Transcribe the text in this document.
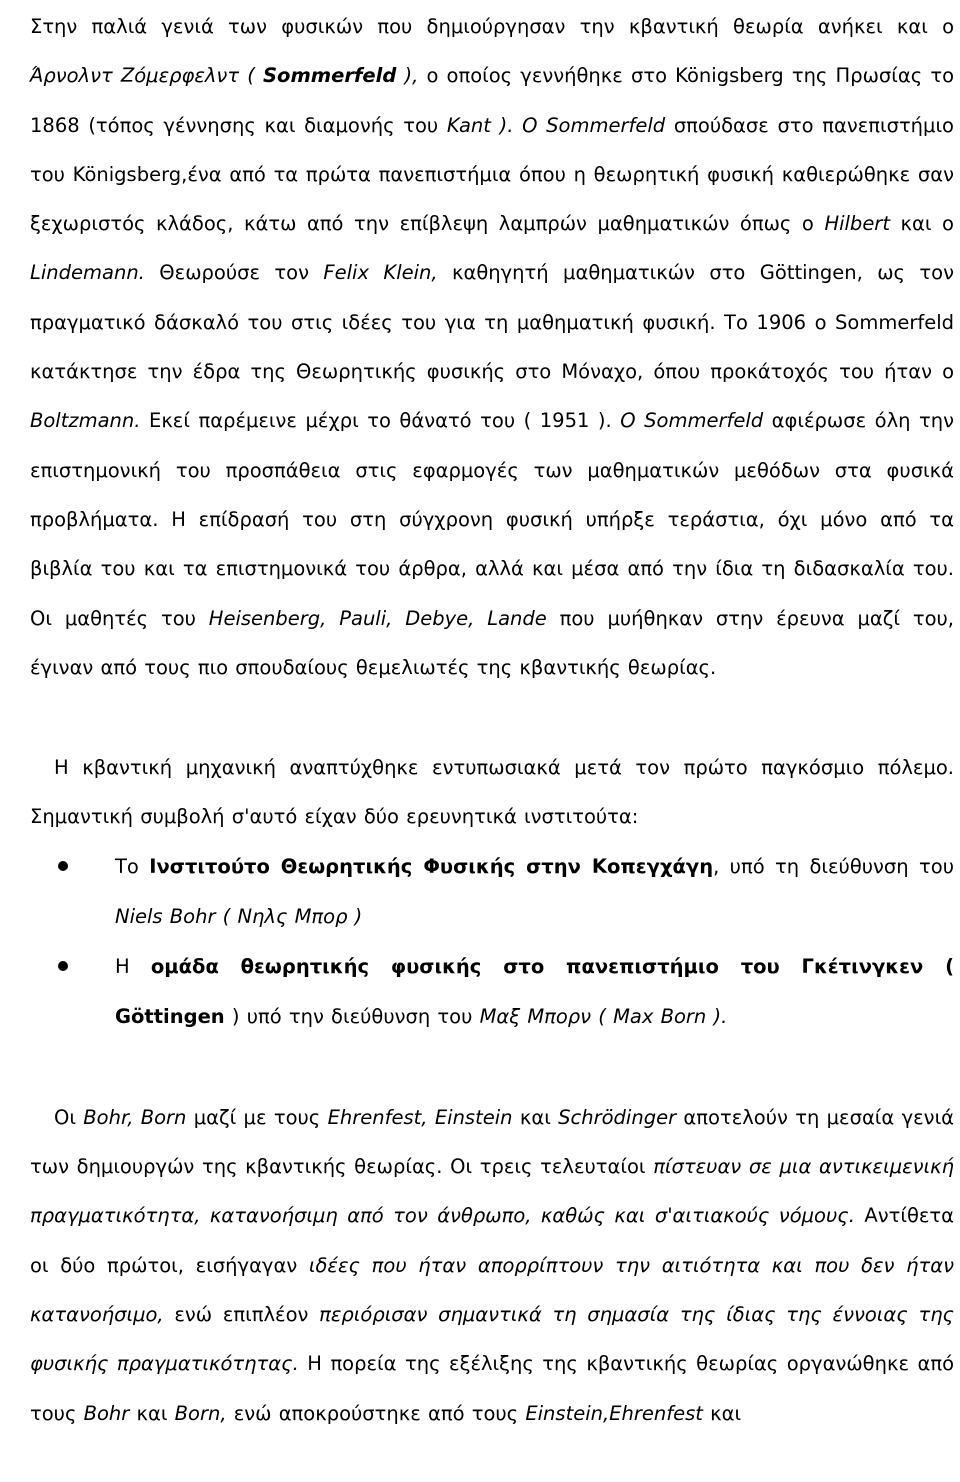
Στην παλιά γενιά των φυσικών που δημιούργησαν την κβαντική θεωρία ανήκει και ο Άρνολντ Ζόμερφελντ ( Sommerfeld ), ο οποίος γεννήθηκε στο Königsberg της Πρωσίας το 1868 (τόπος γέννησης και διαμονής του Kant ). Ο Sommerfeld σπούδασε στο πανεπιστήμιο του Königsberg,ένα από τα πρώτα πανεπιστήμια όπου η θεωρητική φυσική καθιερώθηκε σαν ξεχωριστός κλάδος, κάτω από την επίβλεψη λαμπρών μαθηματικών όπως ο Hilbert και ο Lindemann. Θεωρούσε τον Felix Klein, καθηγητή μαθηματικών στο Göttingen, ως τον πραγματικό δάσκαλό του στις ιδέες του για τη μαθηματική φυσική. Το 1906 ο Sommerfeld κατάκτησε την έδρα της Θεωρητικής φυσικής στο Μόναχο, όπου προκάτοχός του ήταν ο Boltzmann. Εκεί παρέμεινε μέχρι το θάνατό του ( 1951 ). Ο Sommerfeld αφιέρωσε όλη την επιστημονική του προσπάθεια στις εφαρμογές των μαθηματικών μεθόδων στα φυσικά προβλήματα. Η επίδρασή του στη σύγχρονη φυσική υπήρξε τεράστια, όχι μόνο από τα βιβλία του και τα επιστημονικά του άρθρα, αλλά και μέσα από την ίδια τη διδασκαλία του. Οι μαθητές του Heisenberg, Pauli, Debye, Lande που μυήθηκαν στην έρευνα μαζί του, έγιναν από τους πιο σπουδαίους θεμελιωτές της κβαντικής θεωρίας.

Η κβαντική μηχανική αναπτύχθηκε εντυπωσιακά μετά τον πρώτο παγκόσμιο πόλεμο. Σημαντική συμβολή σ'αυτό είχαν δύο ερευνητικά ινστιτούτα:

Το Ινστιτούτο Θεωρητικής Φυσικής στην Κοπεγχάγη, υπό τη διεύθυνση του Niels Bohr ( Νηλς Μπορ )
Η ομάδα θεωρητικής φυσικής στο πανεπιστήμιο του Γκέτινγκεν ( Göttingen ) υπό την διεύθυνση του Μαξ Μπορν ( Max Born ).

Οι Bohr, Born μαζί με τους Ehrenfest, Einstein και Schrödinger αποτελούν τη μεσαία γενιά των δημιουργών της κβαντικής θεωρίας. Οι τρεις τελευταίοι πίστευαν σε μια αντικειμενική πραγματικότητα, κατανοήσιμη από τον άνθρωπο, καθώς και σ'αιτιακούς νόμους. Αντίθετα οι δύο πρώτοι, εισήγαγαν ιδέες που ήταν απορρίπτουν την αιτιότητα και που δεν ήταν κατανοήσιμο, ενώ επιπλέον περιόρισαν σημαντικά τη σημασία της ίδιας της έννοιας της φυσικής πραγματικότητας. Η πορεία της εξέλιξης της κβαντικής θεωρίας οργανώθηκε από τους Bohr και Born, ενώ αποκρούστηκε από τους Einstein,Ehrenfest και
